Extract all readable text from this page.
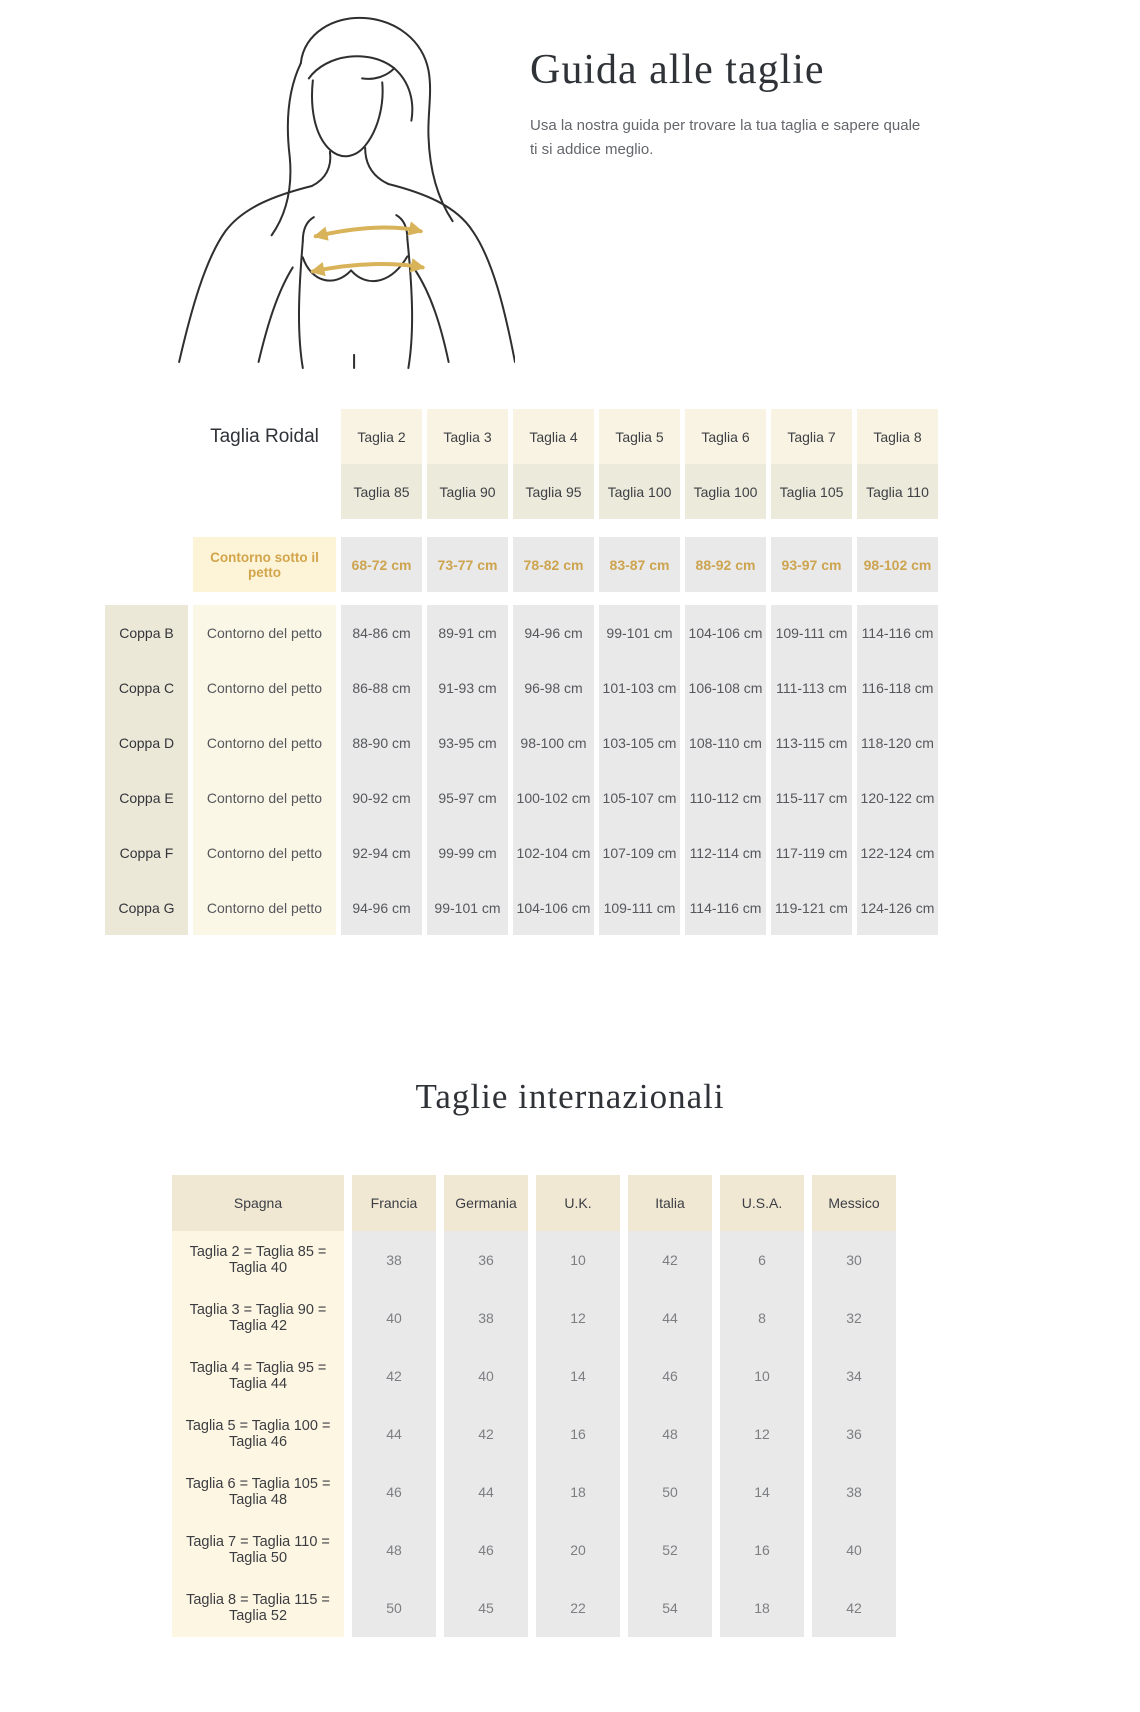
Guida alle taglie

Usa la nostra guida per trovare la tua taglia e sapere quale ti si addice meglio.

Taglia Roidal	Taglia 2	Taglia 3	Taglia 4	Taglia 5	Taglia 6	Taglia 7	Taglia 8
Taglia 85	Taglia 90	Taglia 95	Taglia 100	Taglia 100	Taglia 105	Taglia 110
Contorno sotto il petto	68-72 cm	73-77 cm	78-82 cm	83-87 cm	88-92 cm	93-97 cm	98-102 cm
Coppa B	Contorno del petto	84-86 cm	89-91 cm	94-96 cm	99-101 cm	104-106 cm 109-111 cm	114-116 cm
Coppa C	Contorno del petto	86-88 cm	91-93 cm	96-98 cm	101-103 cm 106-108 cm 111-113 cm	116-118 cm
Coppa D	Contorno del petto	88-90 cm	93-95 cm	98-100 cm	103-105 cm 108-110 cm 113-115 cm 118-120 cm
Coppa E	Contorno del petto	90-92 cm	95-97 cm	100-102 cm 105-107 cm 110-112 cm	115-117 cm 120-122 cm
Coppa F	Contorno del petto	92-94 cm	99-99 cm	102-104 cm 107-109 cm 112-114 cm	117-119 cm 122-124 cm
Coppa G	Contorno del petto	94-96 cm	99-101 cm	104-106 cm 109-111 cm	114-116 cm 119-121 cm 124-126 cm
Taglie internazionali
Spagna	Francia	Germania	U.K.	Italia	U.S.A.	Messico
Taglia 2 = Taglia 85 = Taglia 40	38	36	10	42	6	30
Taglia 3 = Taglia 90 = Taglia 42	40	38	12	44	8	32
Taglia 4 = Taglia 95 = Taglia 44	42	40	14	46	10	34
Taglia 5 = Taglia 100 = Taglia 46	44	42	16	48	12	36
Taglia 6 = Taglia 105 = Taglia 48	46	44	18	50	14	38
Taglia 7 = Taglia 110 = Taglia 50	48	46	20	52	16	40
Taglia 8 = Taglia 115 = Taglia 52	50	45	22	54	18	42
